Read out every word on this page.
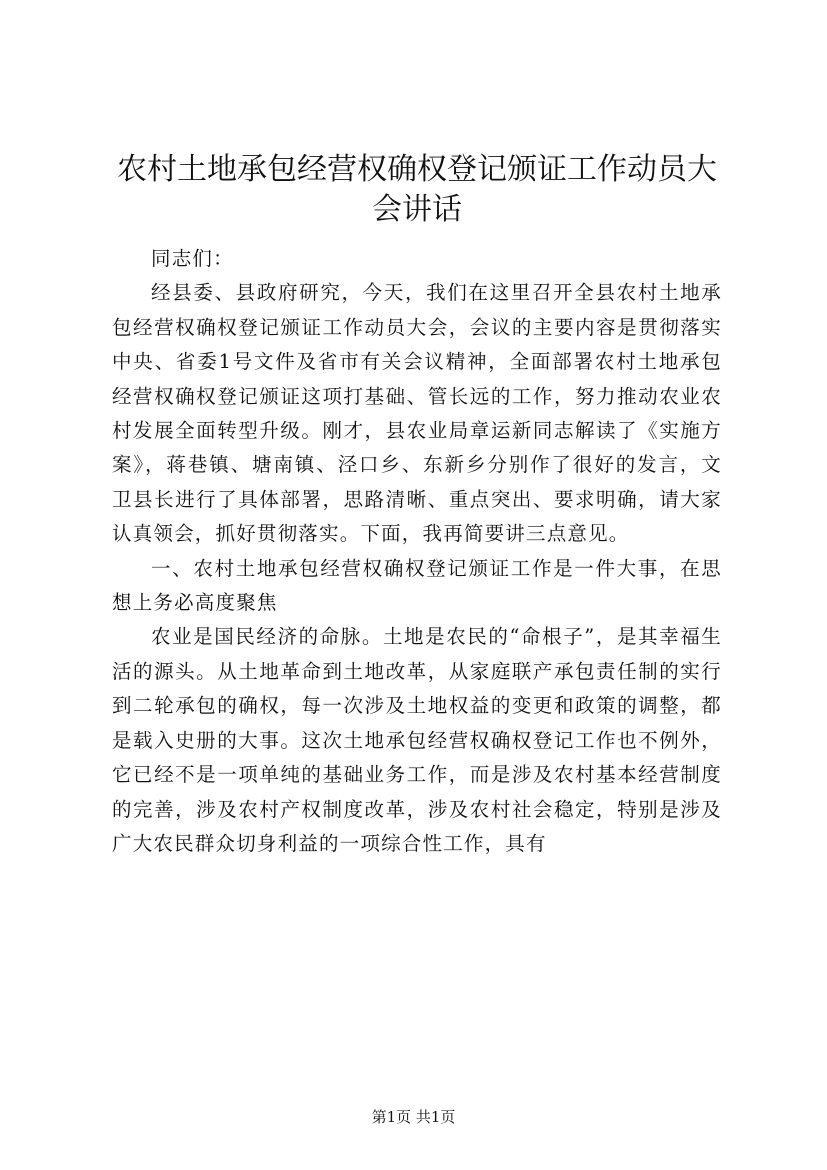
农村土地承包经营权确权登记颁证工作动员大会讲话

同志们：

经县委、县政府研究，今天，我们在这里召开全县农村土地承包经营权确权登记颁证工作动员大会，会议的主要内容是贯彻落实中央、省委1号文件及省市有关会议精神，全面部署农村土地承包经营权确权登记颁证这项打基础、管长远的工作，努力推动农业农村发展全面转型升级。刚才，县农业局章运新同志解读了《实施方案》，蒋巷镇、塘南镇、泾口乡、东新乡分别作了很好的发言，文卫县长进行了具体部署，思路清晰、重点突出、要求明确，请大家认真领会，抓好贯彻落实。下面，我再简要讲三点意见。

一、农村土地承包经营权确权登记颁证工作是一件大事，在思想上务必高度聚焦

农业是国民经济的命脉。土地是农民的“命根子”，是其幸福生活的源头。从土地革命到土地改革，从家庭联产承包责任制的实行到二轮承包的确权，每一次涉及土地权益的变更和政策的调整，都是载入史册的大事。这次土地承包经营权确权登记工作也不例外，它已经不是一项单纯的基础业务工作，而是涉及农村基本经营制度的完善，涉及农村产权制度改革，涉及农村社会稳定，特别是涉及广大农民群众切身利益的一项综合性工作，具有

第1页 共1页
